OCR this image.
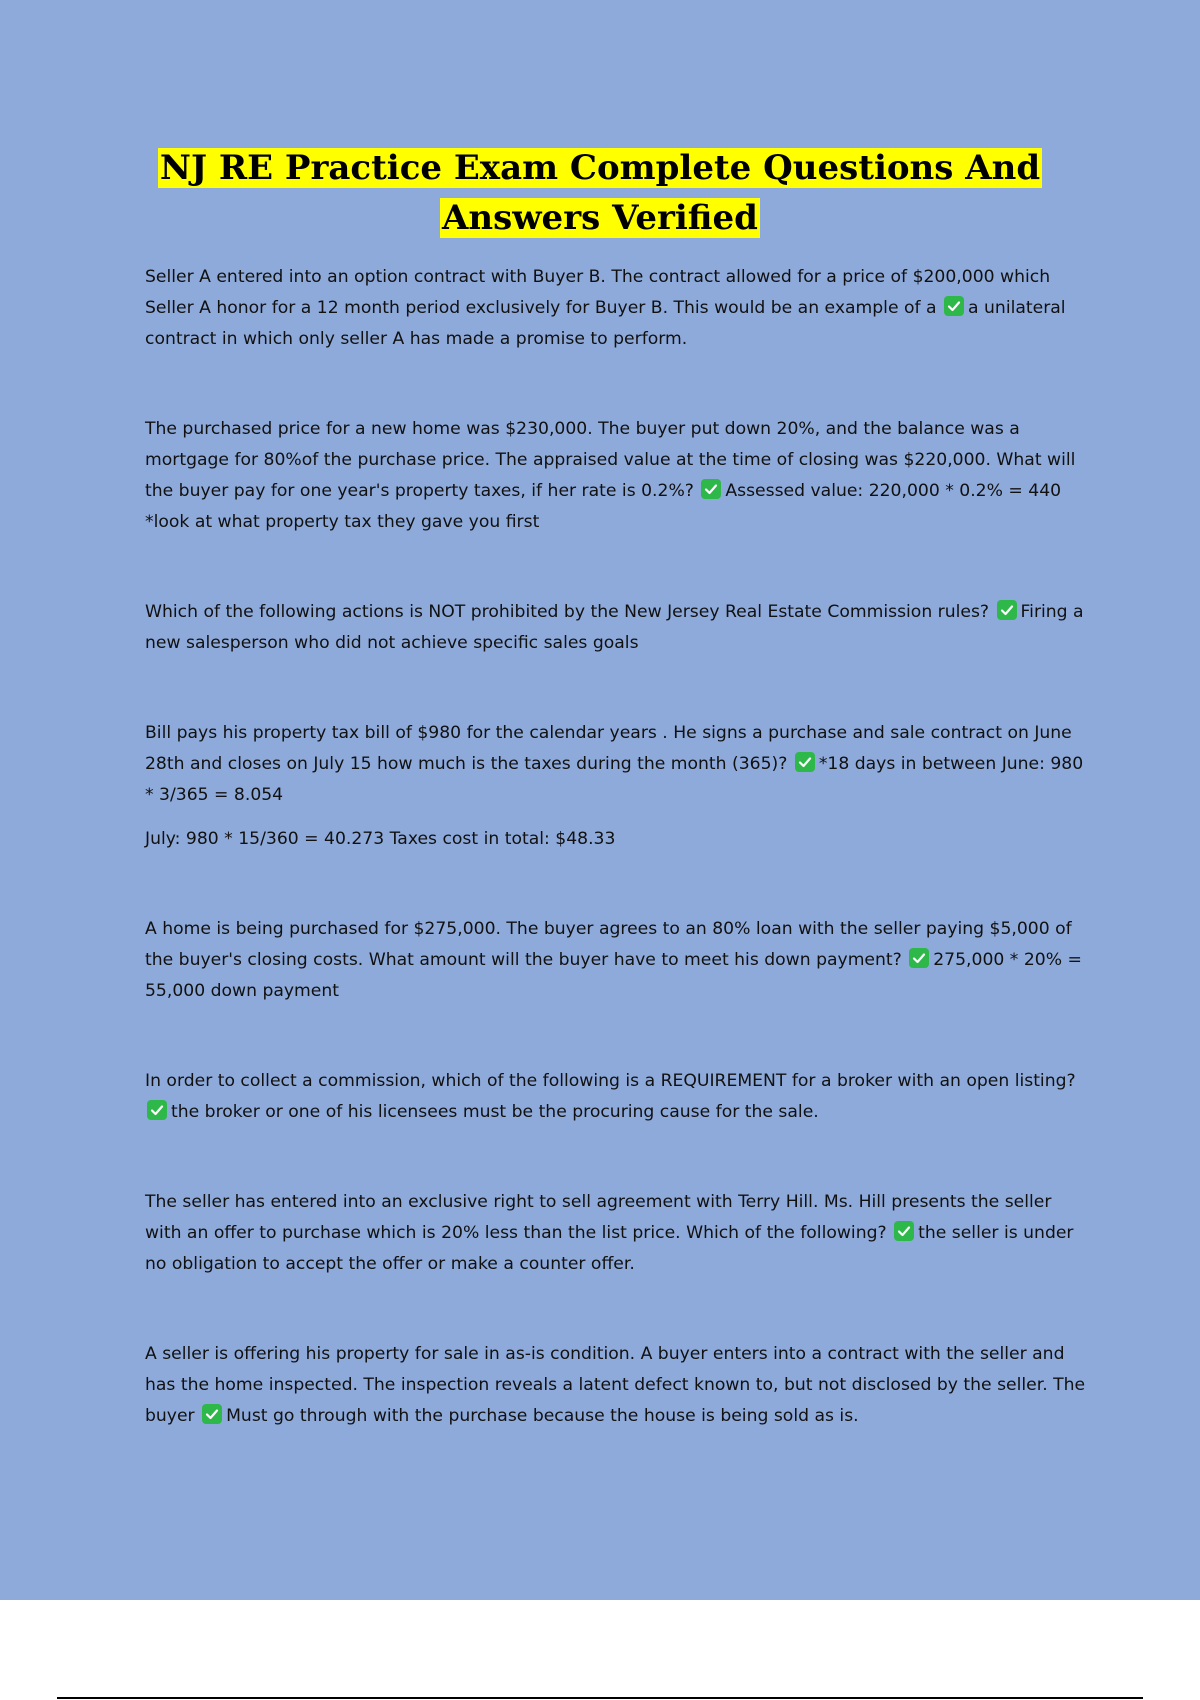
NJ RE Practice Exam Complete Questions And
Answers Verified

Seller A entered into an option contract with Buyer B. The contract allowed for a price of $200,000 which Seller A honor for a 12 month period exclusively for Buyer B. This would be an example of a a unilateral contract in which only seller A has made a promise to perform.

The purchased price for a new home was $230,000. The buyer put down 20%, and the balance was a mortgage for 80%of the purchase price. The appraised value at the time of closing was $220,000. What will the buyer pay for one year's property taxes, if her rate is 0.2%? Assessed value: 220,000 * 0.2% = 440 *look at what property tax they gave you first

Which of the following actions is NOT prohibited by the New Jersey Real Estate Commission rules? Firing a new salesperson who did not achieve specific sales goals

Bill pays his property tax bill of $980 for the calendar years . He signs a purchase and sale contract on June 28th and closes on July 15 how much is the taxes during the month (365)? *18 days in between June: 980 * 3/365 = 8.054
July: 980 * 15/360 = 40.273 Taxes cost in total: $48.33

A home is being purchased for $275,000. The buyer agrees to an 80% loan with the seller paying $5,000 of the buyer's closing costs. What amount will the buyer have to meet his down payment? 275,000 * 20% = 55,000 down payment

In order to collect a commission, which of the following is a REQUIREMENT for a broker with an open listing?
the broker or one of his licensees must be the procuring cause for the sale.

The seller has entered into an exclusive right to sell agreement with Terry Hill. Ms. Hill presents the seller with an offer to purchase which is 20% less than the list price. Which of the following? the seller is under no obligation to accept the offer or make a counter offer.

A seller is offering his property for sale in as-is condition. A buyer enters into a contract with the seller and has the home inspected. The inspection reveals a latent defect known to, but not disclosed by the seller. The buyer Must go through with the purchase because the house is being sold as is.
